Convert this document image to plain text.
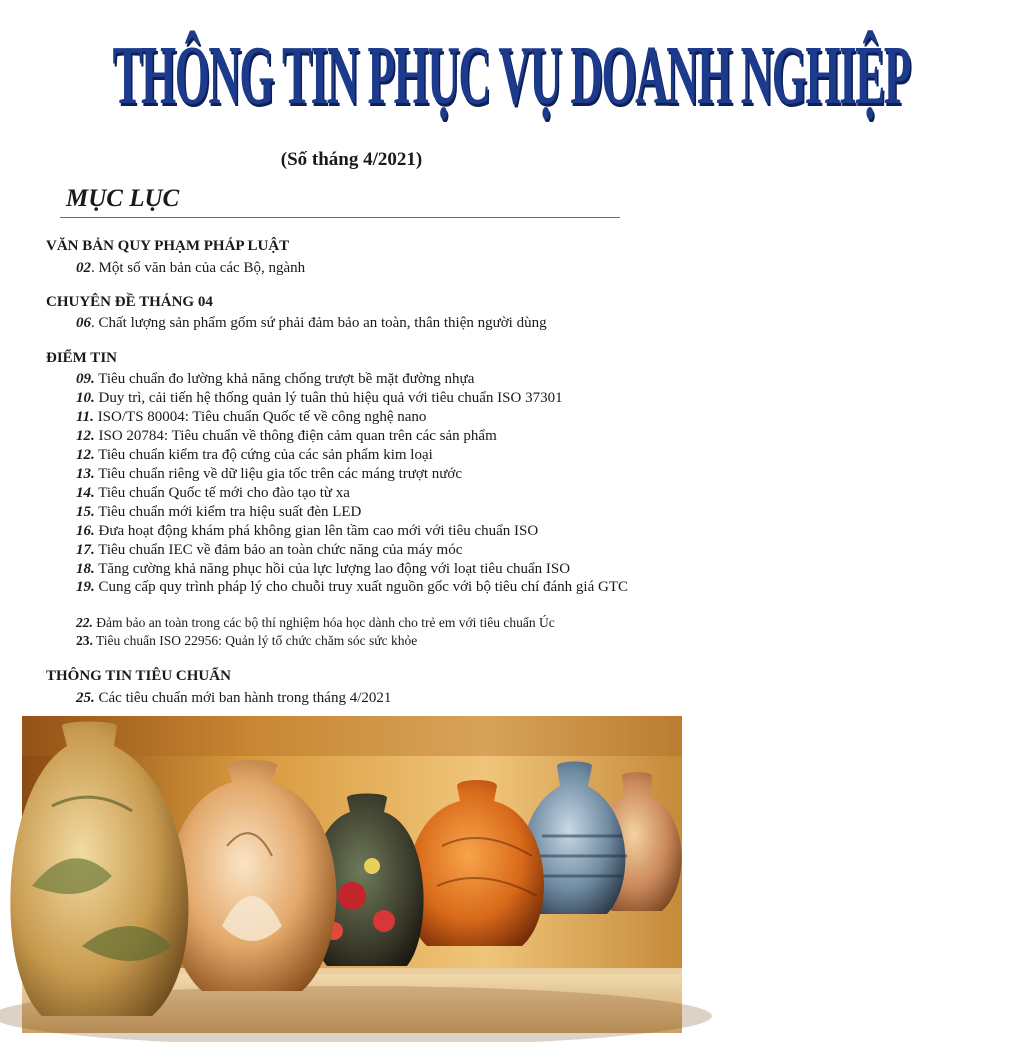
THÔNG TIN PHỤC VỤ DOANH NGHIỆP
(Số tháng 4/2021)
MỤC LỤC
VĂN BẢN QUY PHẠM PHÁP LUẬT
02. Một số văn bản của các Bộ, ngành
CHUYÊN ĐỀ THÁNG 04
06. Chất lượng sản phẩm gốm sứ phải đảm bảo an toàn, thân thiện người dùng
ĐIỂM TIN
09. Tiêu chuẩn đo lường khả năng chống trượt bề mặt đường nhựa
10. Duy trì, cải tiến hệ thống quản lý tuân thủ hiệu quả với tiêu chuẩn ISO 37301
11. ISO/TS 80004: Tiêu chuẩn Quốc tế về công nghệ nano
12. ISO 20784: Tiêu chuẩn về thông điện cảm quan trên các sản phẩm
12. Tiêu chuẩn kiểm tra độ cứng của các sản phẩm kim loại
13. Tiêu chuẩn riêng về dữ liệu gia tốc trên các máng trượt nước
14. Tiêu chuẩn Quốc tế mới cho đào tạo từ xa
15. Tiêu chuẩn mới kiểm tra hiệu suất đèn LED
16. Đưa hoạt động khám phá không gian lên tầm cao mới với tiêu chuẩn ISO
17. Tiêu chuẩn IEC về đảm bảo an toàn chức năng của máy móc
18. Tăng cường khả năng phục hồi của lực lượng lao động với loạt tiêu chuẩn ISO
19. Cung cấp quy trình pháp lý cho chuỗi truy xuất nguồn gốc với bộ tiêu chí đánh giá GTC
22. Đảm bảo an toàn trong các bộ thí nghiệm hóa học dành cho trẻ em với tiêu chuẩn Úc
23. Tiêu chuẩn ISO 22956: Quản lý tổ chức chăm sóc sức khỏe
THÔNG TIN TIÊU CHUẨN
25. Các tiêu chuẩn mới ban hành trong tháng 4/2021
